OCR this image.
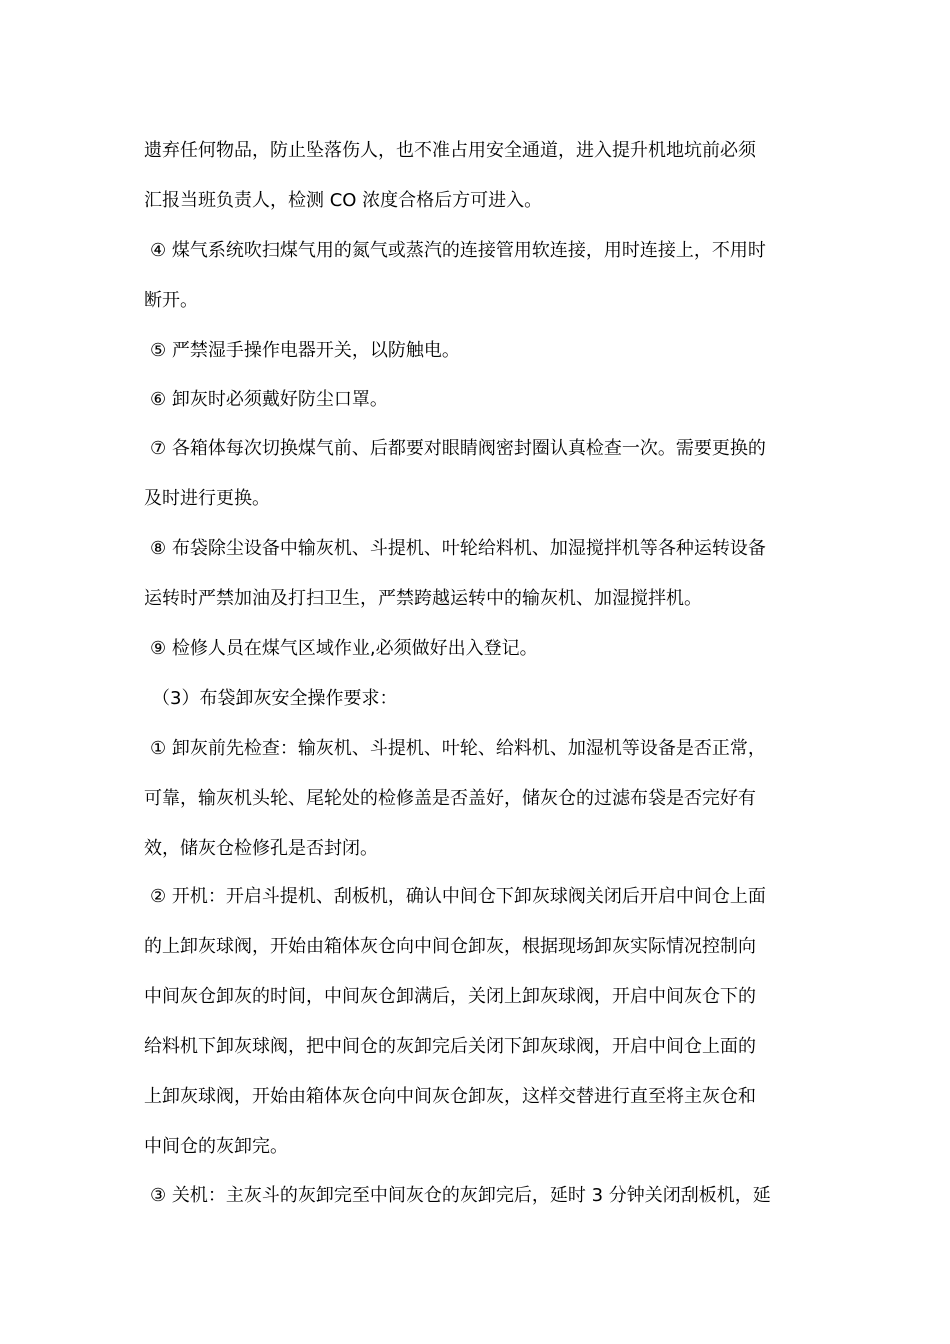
遗弃任何物品，防止坠落伤人，也不准占用安全通道，进入提升机地坑前必须
汇报当班负责人，检测 CO 浓度合格后方可进入。
④ 煤气系统吹扫煤气用的氮气或蒸汽的连接管用软连接，用时连接上，不用时
断开。
⑤ 严禁湿手操作电器开关，以防触电。
⑥ 卸灰时必须戴好防尘口罩。
⑦ 各箱体每次切换煤气前、后都要对眼睛阀密封圈认真检查一次。需要更换的
及时进行更换。
⑧ 布袋除尘设备中输灰机、斗提机、叶轮给料机、加湿搅拌机等各种运转设备
运转时严禁加油及打扫卫生，严禁跨越运转中的输灰机、加湿搅拌机。
⑨ 检修人员在煤气区域作业,必须做好出入登记。
（3）布袋卸灰安全操作要求：
① 卸灰前先检查：输灰机、斗提机、叶轮、给料机、加湿机等设备是否正常，
可靠，输灰机头轮、尾轮处的检修盖是否盖好，储灰仓的过滤布袋是否完好有
效，储灰仓检修孔是否封闭。
② 开机：开启斗提机、刮板机，确认中间仓下卸灰球阀关闭后开启中间仓上面
的上卸灰球阀，开始由箱体灰仓向中间仓卸灰，根据现场卸灰实际情况控制向
中间灰仓卸灰的时间，中间灰仓卸满后，关闭上卸灰球阀，开启中间灰仓下的
给料机下卸灰球阀，把中间仓的灰卸完后关闭下卸灰球阀，开启中间仓上面的
上卸灰球阀，开始由箱体灰仓向中间灰仓卸灰，这样交替进行直至将主灰仓和
中间仓的灰卸完。
③ 关机：主灰斗的灰卸完至中间灰仓的灰卸完后，延时 3 分钟关闭刮板机，延
